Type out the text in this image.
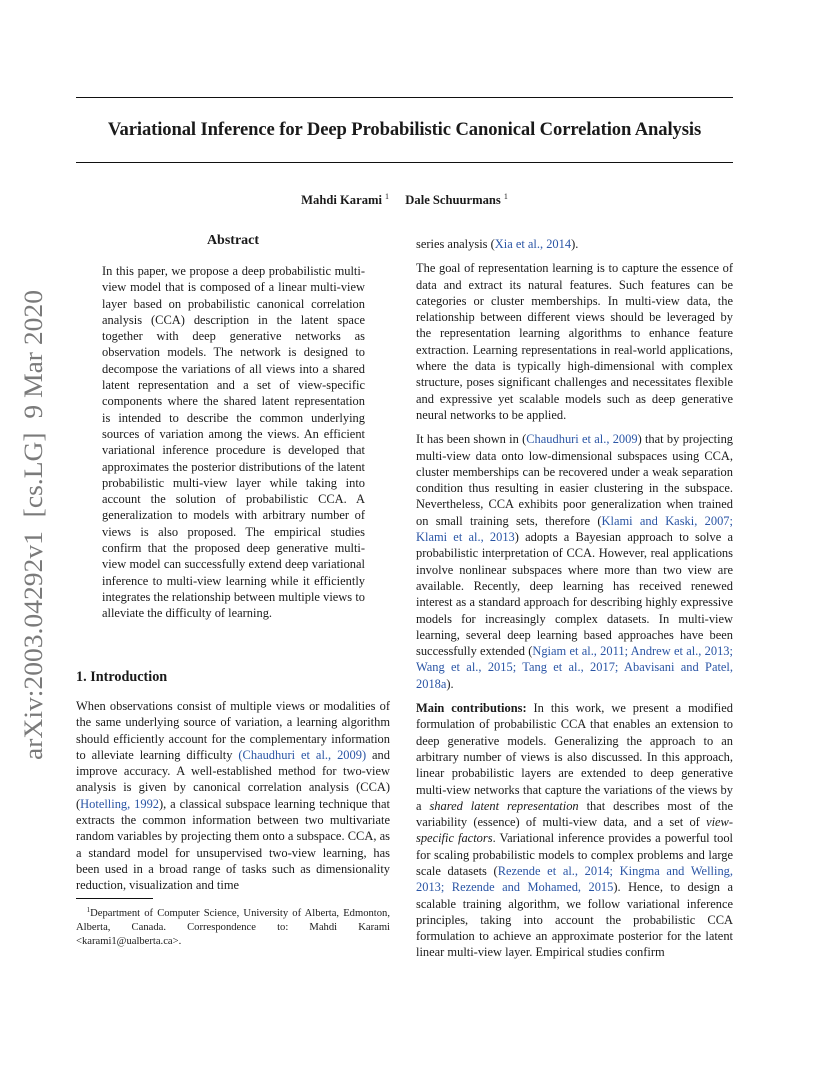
Variational Inference for Deep Probabilistic Canonical Correlation Analysis
Mahdi Karami $^1$ Dale Schuurmans $^1$
arXiv:2003.04292v1  [cs.LG]  9 Mar 2020
Abstract

In this paper, we propose a deep probabilistic multi-view model that is composed of a linear multi-view layer based on probabilistic canonical correlation analysis (CCA) description in the latent space together with deep generative networks as observation models. The network is designed to decompose the variations of all views into a shared latent representation and a set of view-specific components where the shared latent representation is intended to describe the common underlying sources of variation among the views. An efficient variational inference procedure is developed that approximates the posterior distributions of the latent probabilistic multi-view layer while taking into account the solution of probabilistic CCA. A generalization to models with arbitrary number of views is also proposed. The empirical studies confirm that the proposed deep generative multi-view model can successfully extend deep variational inference to multi-view learning while it efficiently integrates the relationship between multiple views to alleviate the difficulty of learning.

1. Introduction

When observations consist of multiple views or modalities of the same underlying source of variation, a learning algorithm should efficiently account for the complementary information to alleviate learning difficulty (Chaudhuri et al., 2009) and improve accuracy. A well-established method for two-view analysis is given by canonical correlation analysis (CCA) (Hotelling, 1992), a classical subspace learning technique that extracts the common information between two multivariate random variables by projecting them onto a subspace. CCA, as a standard model for unsupervised two-view learning, has been used in a broad range of tasks such as dimensionality reduction, visualization and time

 $^1$Department of Computer Science, University of Alberta, Edmonton, Alberta, Canada. Correspondence to: Mahdi Karami <karami1@ualberta.ca>.

series analysis (Xia et al., 2014).

The goal of representation learning is to capture the essence of data and extract its natural features. Such features can be categories or cluster memberships. In multi-view data, the relationship between different views should be leveraged by the representation learning algorithms to enhance feature extraction. Learning representations in real-world applications, where the data is typically high-dimensional with complex structure, poses significant challenges and necessitates flexible and expressive yet scalable models such as deep generative neural networks to be applied.

It has been shown in (Chaudhuri et al., 2009) that by projecting multi-view data onto low-dimensional subspaces using CCA, cluster memberships can be recovered under a weak separation condition thus resulting in easier clustering in the subspace. Nevertheless, CCA exhibits poor generalization when trained on small training sets, therefore (Klami and Kaski, 2007; Klami et al., 2013) adopts a Bayesian approach to solve a probabilistic interpretation of CCA. However, real applications involve nonlinear subspaces where more than two view are available. Recently, deep learning has received renewed interest as a standard approach for describing highly expressive models for increasingly complex datasets. In multi-view learning, several deep learning based approaches have been successfully extended (Ngiam et al., 2011; Andrew et al., 2013; Wang et al., 2015; Tang et al., 2017; Abavisani and Patel, 2018a).

Main contributions: In this work, we present a modified formulation of probabilistic CCA that enables an extension to deep generative models. Generalizing the approach to an arbitrary number of views is also discussed. In this approach, linear probabilistic layers are extended to deep generative multi-view networks that capture the variations of the views by a shared latent representation that describes most of the variability (essence) of multi-view data, and a set of view-specific factors. Variational inference provides a powerful tool for scaling probabilistic models to complex problems and large scale datasets (Rezende et al., 2014; Kingma and Welling, 2013; Rezende and Mohamed, 2015). Hence, to design a scalable training algorithm, we follow variational inference principles, taking into account the probabilistic CCA formulation to achieve an approximate posterior for the latent linear multi-view layer. Empirical studies confirm
